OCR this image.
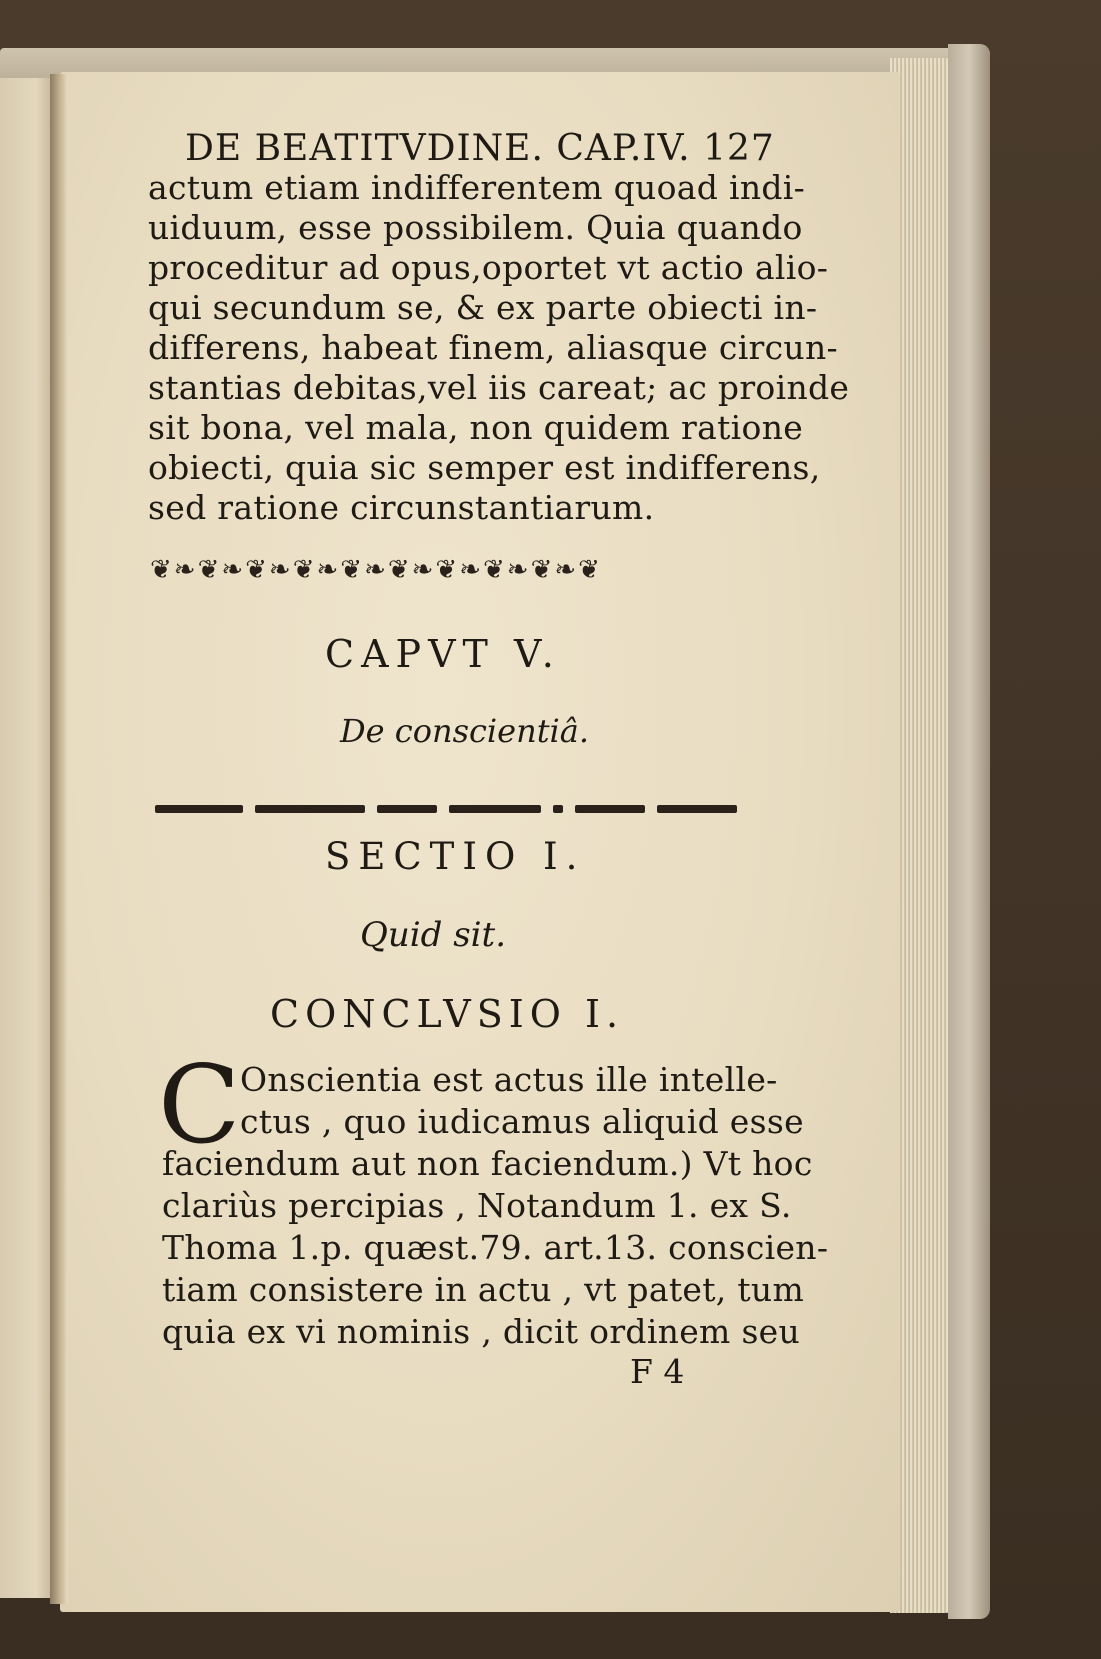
DE BEATITVDINE. CAP.IV. 127
actum etiam indifferentem quoad indi-
uiduum, esse possibilem. Quia quando
proceditur ad opus,oportet vt actio alio-
qui secundum se, & ex parte obiecti in-
differens, habeat finem, aliasque circun-
stantias debitas,vel iis careat; ac proinde
sit bona, vel mala, non quidem ratione
obiecti, quia sic semper est indifferens,
sed ratione circunstantiarum.
❦❧❦❧❦❧❦❧❦❧❦❧❦❧❦❧❦❧❦
CAPVT V.
De conscientiâ.
SECTIO I.
Quid sit.
CONCLVSIO I.
C Onscientia est actus ille intelle-
ctus , quo iudicamus aliquid esse
faciendum aut non faciendum.) Vt hoc
clariùs percipias , Notandum 1. ex S.
Thoma 1.p. quæst.79. art.13. conscien-
tiam consistere in actu , vt patet, tum
quia ex vi nominis , dicit ordinem seu
F 4
